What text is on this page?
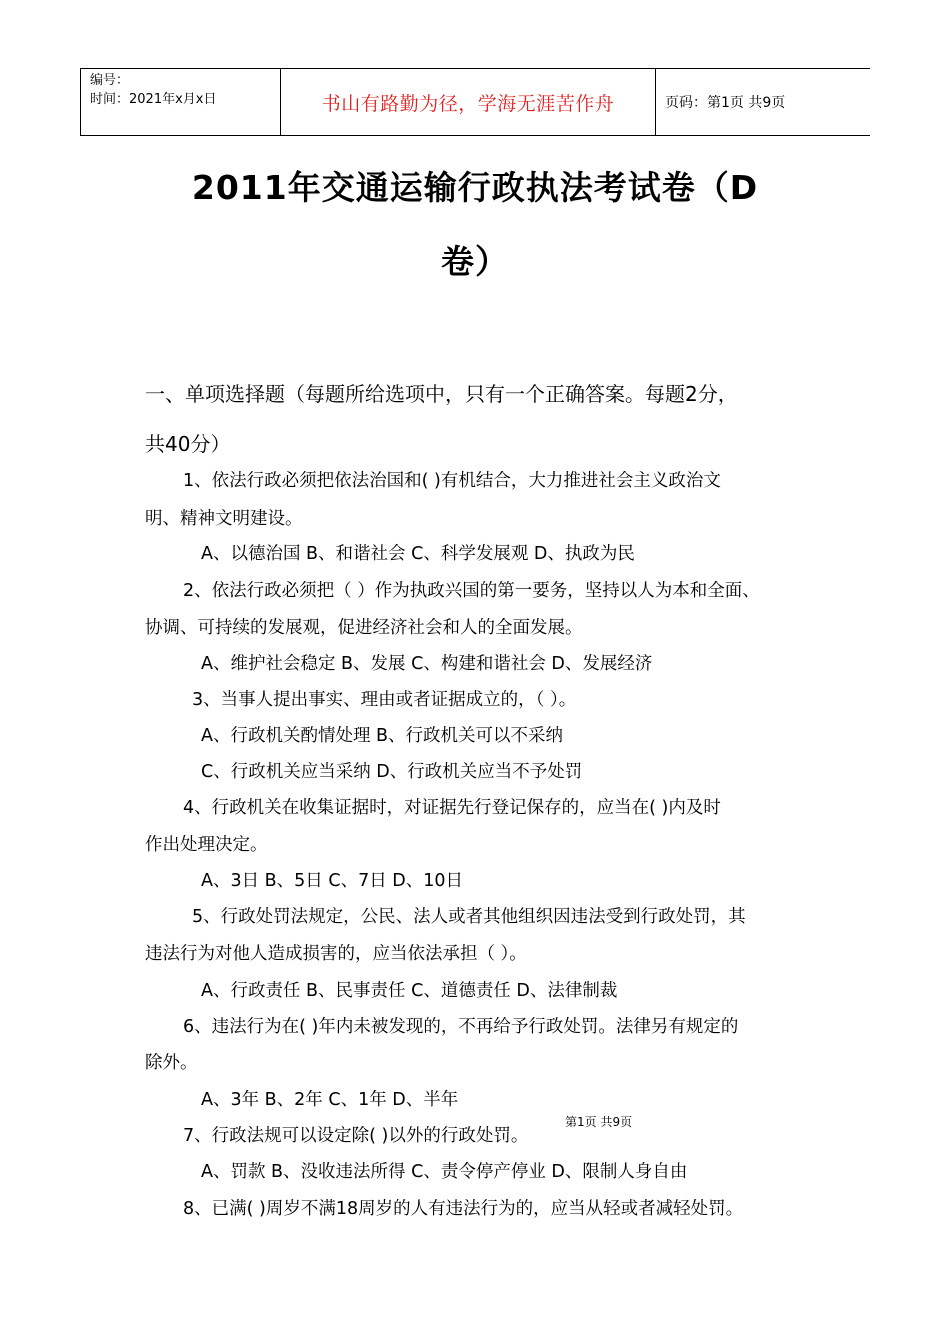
编号：
时间：2021年x月x日	书山有路勤为径，学海无涯苦作舟	页码：第1页 共9页
2011年交通运输行政执法考试卷（D
卷）
一、单项选择题（每题所给选项中，只有一个正确答案。每题2分，
共40分）
1、依法行政必须把依法治国和( )有机结合，大力推进社会主义政治文
明、精神文明建设。
A、以德治国 B、和谐社会 C、科学发展观 D、执政为民
2、依法行政必须把（ ）作为执政兴国的第一要务，坚持以人为本和全面、
协调、可持续的发展观，促进经济社会和人的全面发展。
A、维护社会稳定 B、发展 C、构建和谐社会 D、发展经济
3、当事人提出事实、理由或者证据成立的，（ ）。
A、行政机关酌情处理 B、行政机关可以不采纳
C、行政机关应当采纳 D、行政机关应当不予处罚
4、行政机关在收集证据时，对证据先行登记保存的，应当在( )内及时
作出处理决定。
A、3日 B、5日 C、7日 D、10日
5、行政处罚法规定，公民、法人或者其他组织因违法受到行政处罚，其
违法行为对他人造成损害的，应当依法承担（ ）。
A、行政责任 B、民事责任 C、道德责任 D、法律制裁
6、违法行为在( )年内未被发现的，不再给予行政处罚。法律另有规定的
除外。
A、3年 B、2年 C、1年 D、半年
7、行政法规可以设定除( )以外的行政处罚。
第1页 共9页
A、罚款 B、没收违法所得 C、责令停产停业 D、限制人身自由
8、已满( )周岁不满18周岁的人有违法行为的，应当从轻或者减轻处罚。
